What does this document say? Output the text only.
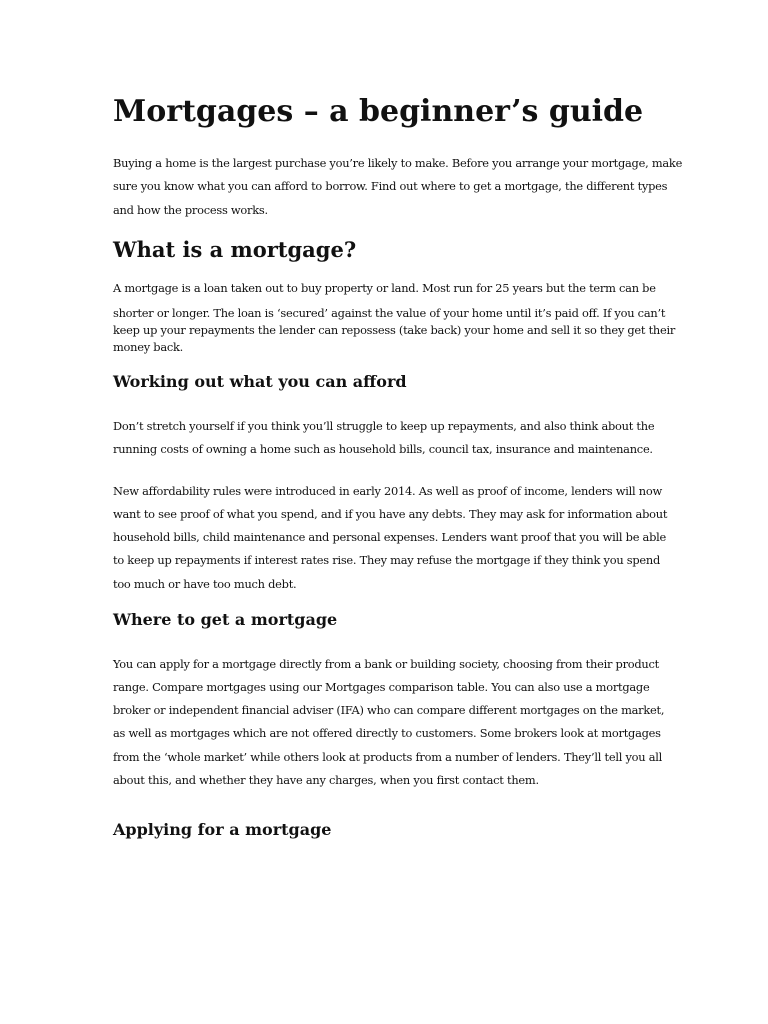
Mortgages – a beginner’s guide

Buying a home is the largest purchase you’re likely to make. Before you arrange your mortgage, make

sure you know what you can afford to borrow. Find out where to get a mortgage, the different types

and how the process works.

What is a mortgage?

A mortgage is a loan taken out to buy property or land. Most run for 25 years but the term can be

shorter or longer. The loan is ‘secured’ against the value of your home until it’s paid off. If you can’t

keep up your repayments the lender can repossess (take back) your home and sell it so they get their

money back.

Working out what you can afford

Don’t stretch yourself if you think you’ll struggle to keep up repayments, and also think about the

running costs of owning a home such as household bills, council tax, insurance and maintenance.

New affordability rules were introduced in early 2014. As well as proof of income, lenders will now

want to see proof of what you spend, and if you have any debts. They may ask for information about

household bills, child maintenance and personal expenses. Lenders want proof that you will be able

to keep up repayments if interest rates rise. They may refuse the mortgage if they think you spend

too much or have too much debt.

Where to get a mortgage

You can apply for a mortgage directly from a bank or building society, choosing from their product

range. Compare mortgages using our Mortgages comparison table. You can also use a mortgage

broker or independent financial adviser (IFA) who can compare different mortgages on the market,

as well as mortgages which are not offered directly to customers. Some brokers look at mortgages

from the ‘whole market’ while others look at products from a number of lenders. They’ll tell you all

about this, and whether they have any charges, when you first contact them.

Applying for a mortgage
